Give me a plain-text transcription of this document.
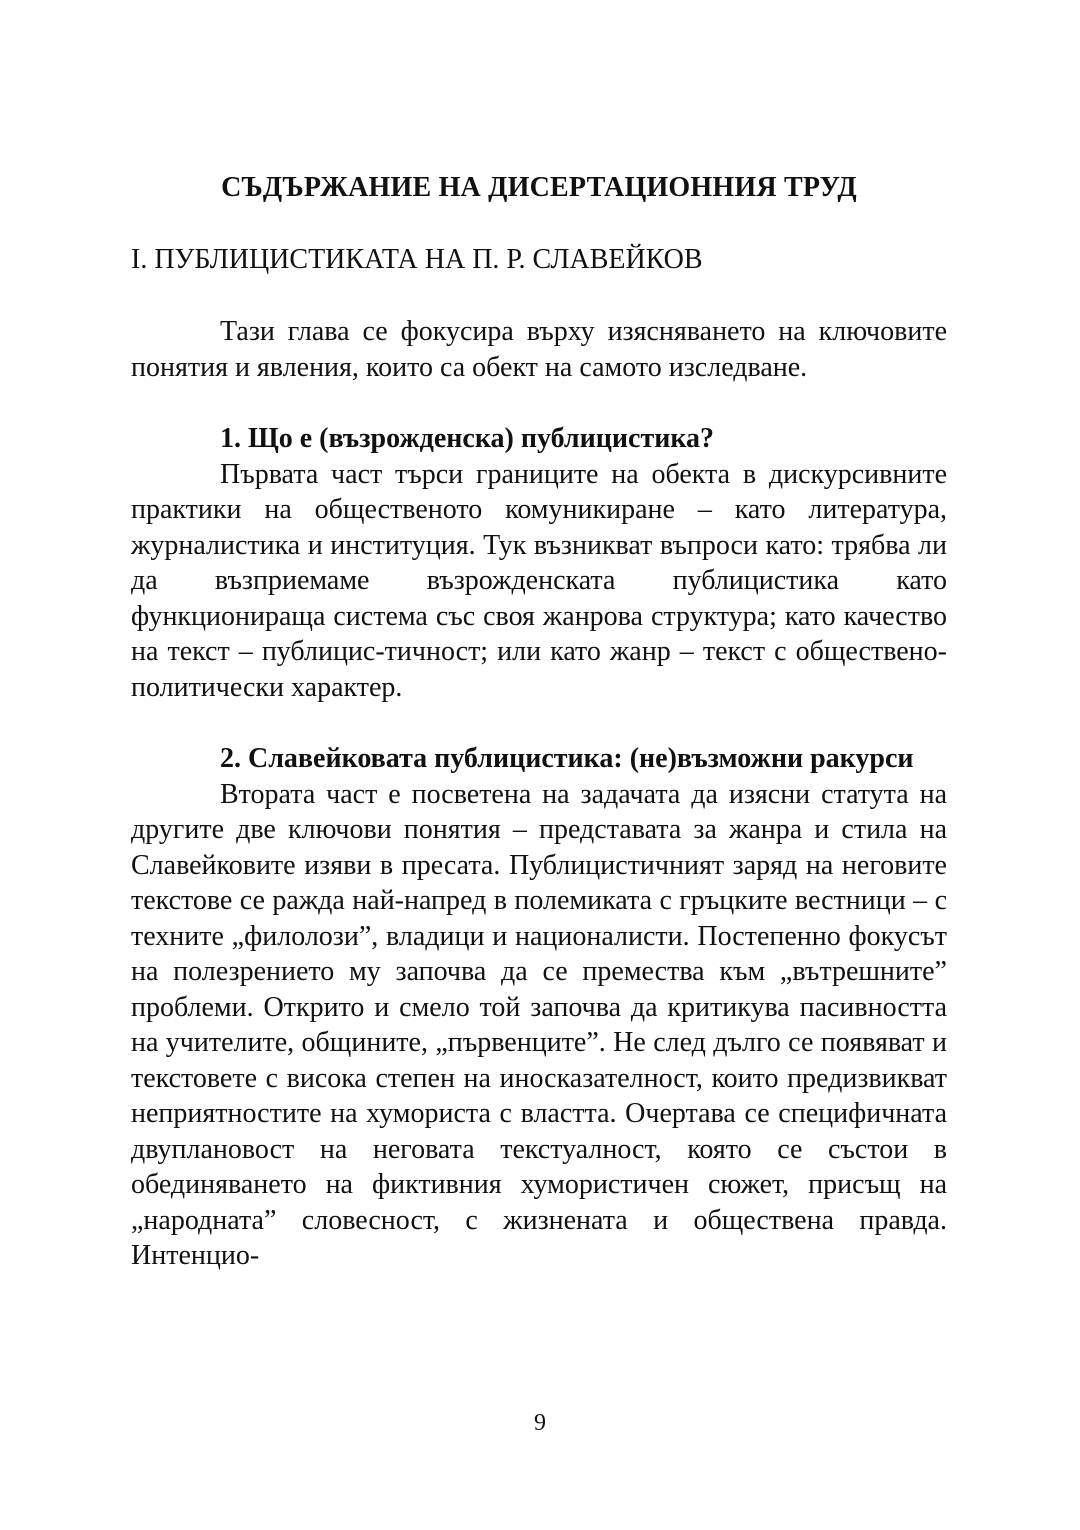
СЪДЪРЖАНИЕ НА ДИСЕРТАЦИОННИЯ ТРУД

I. ПУБЛИЦИСТИКАТА НА П. Р. СЛАВЕЙКОВ

Тази глава се фокусира върху изясняването на ключовите понятия и явления, които са обект на самото изследване.

1. Що е (възрожденска) публицистика?

Първата част търси границите на обекта в дискурсивните практики на общественото комуникиране – като литература, журналистика и институция. Тук възникват въпроси като: трябва ли да възприемаме възрожденската публицистика като функционираща система със своя жанрова структура; като качество на текст – публицис-тичност; или като жанр – текст с обществено-политически характер.

2. Славейковата публицистика: (не)възможни ракурси

Втората част е посветена на задачата да изясни статута на другите две ключови понятия – представата за жанра и стила на Славейковите изяви в пресата. Публицистичният заряд на неговите текстове се ражда най-напред в полемиката с гръцките вестници – с техните „филолози”, владици и националисти. Постепенно фокусът на полезрението му започва да се премества към „вътрешните” проблеми. Открито и смело той започва да критикува пасивността на учителите, общините, „първенците”. Не след дълго се появяват и текстовете с висока степен на иносказателност, които предизвикват неприятностите на хумориста с властта. Очертава се специфичната двуплановост на неговата текстуалност, която се състои в обединяването на фиктивния хумористичен сюжет, присъщ на „народната” словесност, с жизнената и обществена правда. Интенцио-

9
